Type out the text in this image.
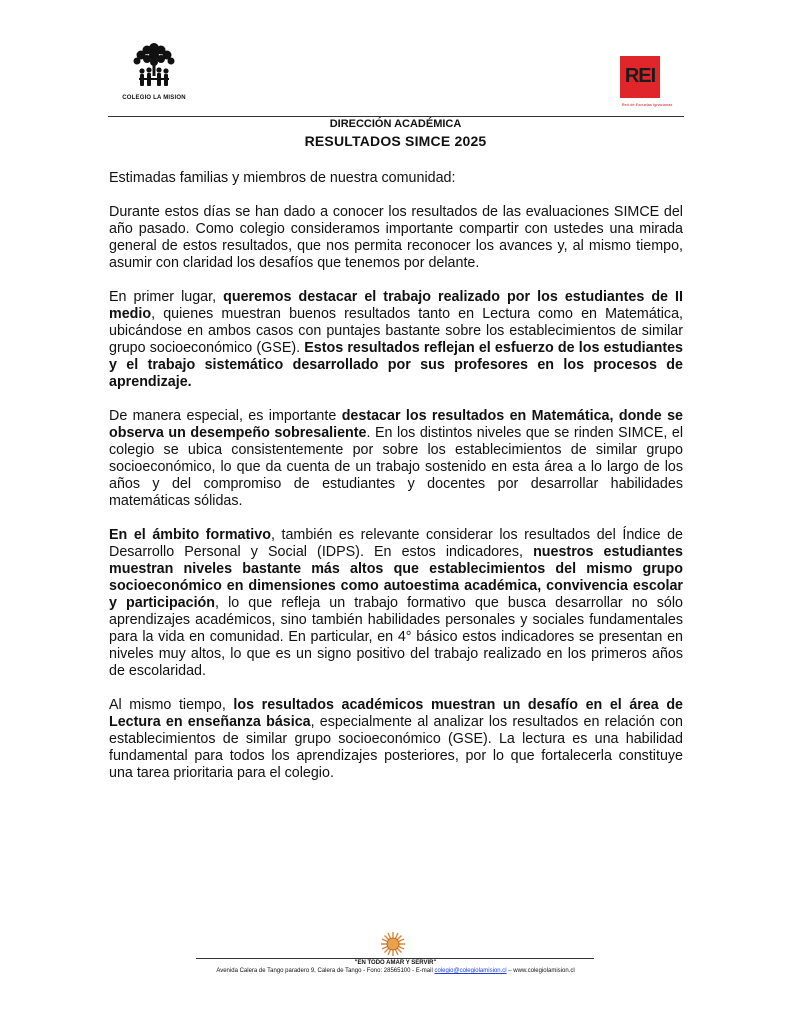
COLEGIO LA MISION
REI
Red de Escuelas Ignacianas
DIRECCIÓN ACADÉMICA
RESULTADOS SIMCE 2025

Estimadas familias y miembros de nuestra comunidad:

Durante estos días se han dado a conocer los resultados de las evaluaciones SIMCE del año pasado. Como colegio consideramos importante compartir con ustedes una mirada general de estos resultados, que nos permita reconocer los avances y, al mismo tiempo, asumir con claridad los desafíos que tenemos por delante.

En primer lugar, queremos destacar el trabajo realizado por los estudiantes de II medio, quienes muestran buenos resultados tanto en Lectura como en Matemática, ubicándose en ambos casos con puntajes bastante sobre los establecimientos de similar grupo socioeconómico (GSE). Estos resultados reflejan el esfuerzo de los estudiantes y el trabajo sistemático desarrollado por sus profesores en los procesos de aprendizaje.

De manera especial, es importante destacar los resultados en Matemática, donde se observa un desempeño sobresaliente. En los distintos niveles que se rinden SIMCE, el colegio se ubica consistentemente por sobre los establecimientos de similar grupo socioeconómico, lo que da cuenta de un trabajo sostenido en esta área a lo largo de los años y del compromiso de estudiantes y docentes por desarrollar habilidades matemáticas sólidas.

En el ámbito formativo, también es relevante considerar los resultados del Índice de Desarrollo Personal y Social (IDPS). En estos indicadores, nuestros estudiantes muestran niveles bastante más altos que establecimientos del mismo grupo socioeconómico en dimensiones como autoestima académica, convivencia escolar y participación, lo que refleja un trabajo formativo que busca desarrollar no sólo aprendizajes académicos, sino también habilidades personales y sociales fundamentales para la vida en comunidad. En particular, en 4° básico estos indicadores se presentan en niveles muy altos, lo que es un signo positivo del trabajo realizado en los primeros años de escolaridad.

Al mismo tiempo, los resultados académicos muestran un desafío en el área de Lectura en enseñanza básica, especialmente al analizar los resultados en relación con establecimientos de similar grupo socioeconómico (GSE). La lectura es una habilidad fundamental para todos los aprendizajes posteriores, por lo que fortalecerla constituye una tarea prioritaria para el colegio.

"EN TODO AMAR Y SERVIR"
Avenida Calera de Tango paradero 9, Calera de Tango - Fono: 28565100 - E-mail colegio@colegiolamision.cl – www.colegiolamision.cl
